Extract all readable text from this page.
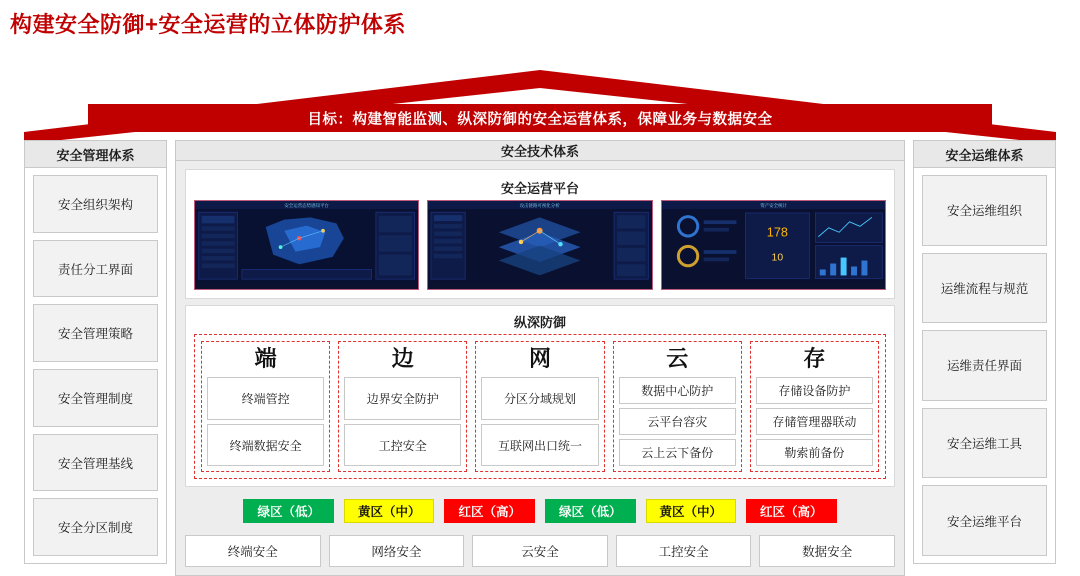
构建安全防御+安全运营的立体防护体系
目标：构建智能监测、纵深防御的安全运营体系，保障业务与数据安全
安全管理体系
安全组织架构
责任分工界面
安全管理策略
安全管理制度
安全管理基线
安全分区制度
安全技术体系
安全运营平台
安全运营态势感知平台	攻击链路可视化分析	资产安全统计
178
10
纵深防御
端
终端管控
终端数据安全
边
边界安全防护
工控安全
网
分区分域规划
互联网出口统一
云
数据中心防护
云平台容灾
云上云下备份
存
存储设备防护
存储管理器联动
勒索前备份
绿区（低）	黄区（中）	红区（高）	绿区（低）	黄区（中）	红区（高）
终端安全	网络安全	云安全	工控安全	数据安全
安全运维体系
安全运维组织
运维流程与规范
运维责任界面
安全运维工具
安全运维平台
